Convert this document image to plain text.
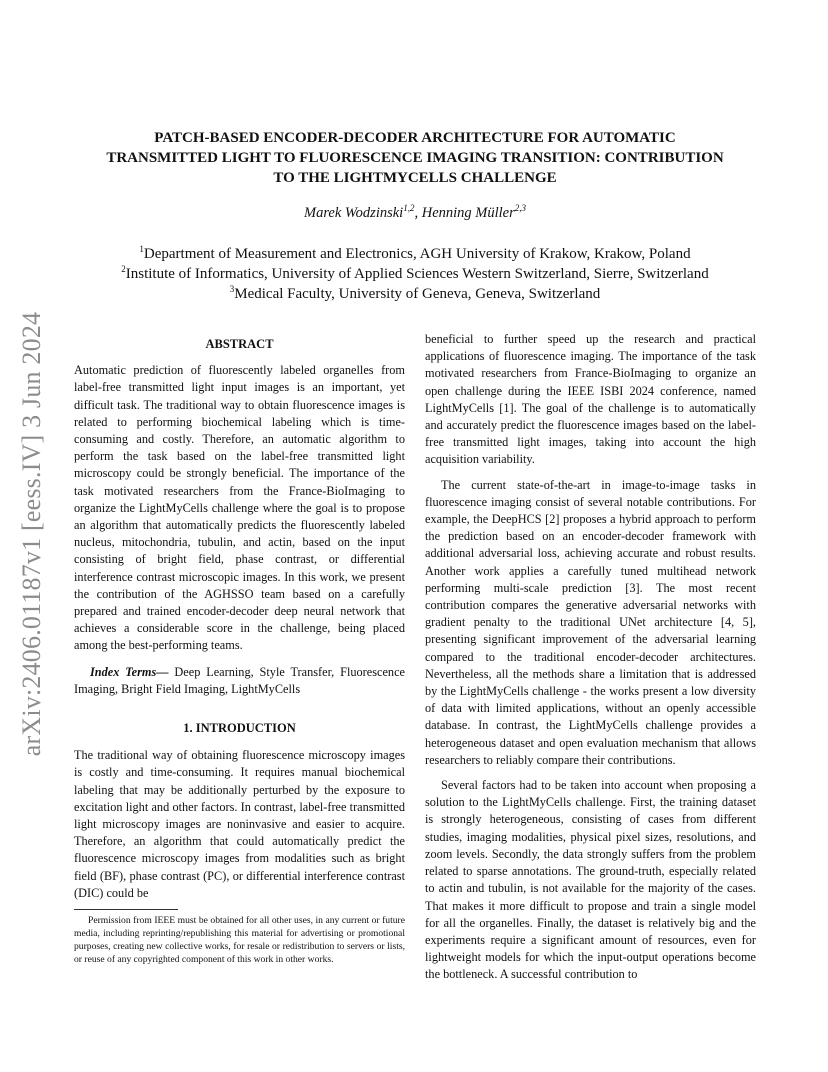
arXiv:2406.01187v1 [eess.IV] 3 Jun 2024
PATCH-BASED ENCODER-DECODER ARCHITECTURE FOR AUTOMATIC
TRANSMITTED LIGHT TO FLUORESCENCE IMAGING TRANSITION: CONTRIBUTION
TO THE LIGHTMYCELLS CHALLENGE
Marek Wodzinski$^{1,2}$, Henning Müller$^{2,3}$
$^1$Department of Measurement and Electronics, AGH University of Krakow, Krakow, Poland
$^2$Institute of Informatics, University of Applied Sciences Western Switzerland, Sierre, Switzerland
$^3$Medical Faculty, University of Geneva, Geneva, Switzerland
ABSTRACT

Automatic prediction of fluorescently labeled organelles from label-free transmitted light input images is an important, yet difficult task. The traditional way to obtain fluorescence images is related to performing biochemical labeling which is time-consuming and costly. Therefore, an automatic algorithm to perform the task based on the label-free transmitted light microscopy could be strongly beneficial. The importance of the task motivated researchers from the France-BioImaging to organize the LightMyCells challenge where the goal is to propose an algorithm that automatically predicts the fluorescently labeled nucleus, mitochondria, tubulin, and actin, based on the input consisting of bright field, phase contrast, or differential interference contrast microscopic images. In this work, we present the contribution of the AGHSSO team based on a carefully prepared and trained encoder-decoder deep neural network that achieves a considerable score in the challenge, being placed among the best-performing teams.

Index Terms— Deep Learning, Style Transfer, Fluorescence Imaging, Bright Field Imaging, LightMyCells

1. INTRODUCTION

The traditional way of obtaining fluorescence microscopy images is costly and time-consuming. It requires manual biochemical labeling that may be additionally perturbed by the exposure to excitation light and other factors. In contrast, label-free transmitted light microscopy images are noninvasive and easier to acquire. Therefore, an algorithm that could automatically predict the fluorescence microscopy images from modalities such as bright field (BF), phase contrast (PC), or differential interference contrast (DIC) could be

beneficial to further speed up the research and practical applications of fluorescence imaging. The importance of the task motivated researchers from France-BioImaging to organize an open challenge during the IEEE ISBI 2024 conference, named LightMyCells [1]. The goal of the challenge is to automatically and accurately predict the fluorescence images based on the label-free transmitted light images, taking into account the high acquisition variability.

The current state-of-the-art in image-to-image tasks in fluorescence imaging consist of several notable contributions. For example, the DeepHCS [2] proposes a hybrid approach to perform the prediction based on an encoder-decoder framework with additional adversarial loss, achieving accurate and robust results. Another work applies a carefully tuned multihead network performing multi-scale prediction [3]. The most recent contribution compares the generative adversarial networks with gradient penalty to the traditional UNet architecture [4, 5], presenting significant improvement of the adversarial learning compared to the traditional encoder-decoder architectures. Nevertheless, all the methods share a limitation that is addressed by the LightMyCells challenge - the works present a low diversity of data with limited applications, without an openly accessible database. In contrast, the LightMyCells challenge provides a heterogeneous dataset and open evaluation mechanism that allows researchers to reliably compare their contributions.

Several factors had to be taken into account when proposing a solution to the LightMyCells challenge. First, the training dataset is strongly heterogeneous, consisting of cases from different studies, imaging modalities, physical pixel sizes, resolutions, and zoom levels. Secondly, the data strongly suffers from the problem related to sparse annotations. The ground-truth, especially related to actin and tubulin, is not available for the majority of the cases. That makes it more difficult to propose and train a single model for all the organelles. Finally, the dataset is relatively big and the experiments require a significant amount of resources, even for lightweight models for which the input-output operations become the bottleneck. A successful contribution to

Permission from IEEE must be obtained for all other uses, in any current or future media, including reprinting/republishing this material for advertising or promotional purposes, creating new collective works, for resale or redistribution to servers or lists, or reuse of any copyrighted component of this work in other works.
